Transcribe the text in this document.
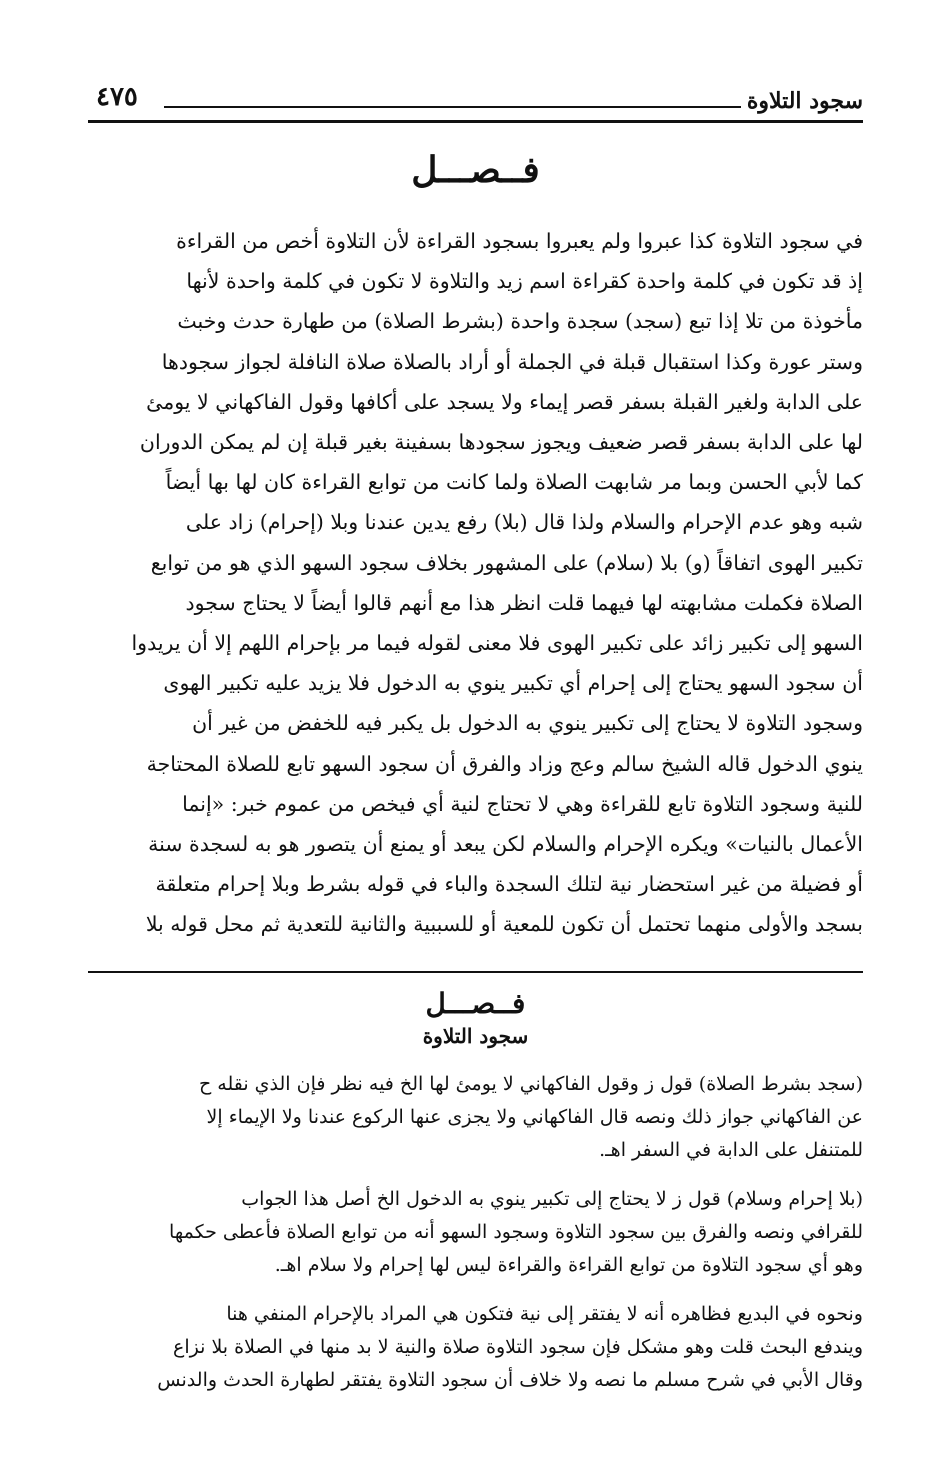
سجود التلاوة
٤٧٥
فــصـــل
في سجود التلاوة كذا عبروا ولم يعبروا بسجود القراءة لأن التلاوة أخص من القراءة
إذ قد تكون في كلمة واحدة كقراءة اسم زيد والتلاوة لا تكون في كلمة واحدة لأنها
مأخوذة من تلا إذا تبع (سجد) سجدة واحدة (بشرط الصلاة) من طهارة حدث وخبث
وستر عورة وكذا استقبال قبلة في الجملة أو أراد بالصلاة صلاة النافلة لجواز سجودها
على الدابة ولغير القبلة بسفر قصر إيماء ولا يسجد على أكافها وقول الفاكهاني لا يومئ
لها على الدابة بسفر قصر ضعيف ويجوز سجودها بسفينة بغير قبلة إن لم يمكن الدوران
كما لأبي الحسن وبما مر شابهت الصلاة ولما كانت من توابع القراءة كان لها بها أيضاً
شبه وهو عدم الإحرام والسلام ولذا قال (بلا) رفع يدين عندنا وبلا (إحرام) زاد على
تكبير الهوى اتفاقاً (و) بلا (سلام) على المشهور بخلاف سجود السهو الذي هو من توابع
الصلاة فكملت مشابهته لها فيهما قلت انظر هذا مع أنهم قالوا أيضاً لا يحتاج سجود
السهو إلى تكبير زائد على تكبير الهوى فلا معنى لقوله فيما مر بإحرام اللهم إلا أن يريدوا
أن سجود السهو يحتاج إلى إحرام أي تكبير ينوي به الدخول فلا يزيد عليه تكبير الهوى
وسجود التلاوة لا يحتاج إلى تكبير ينوي به الدخول بل يكبر فيه للخفض من غير أن
ينوي الدخول قاله الشيخ سالم وعج وزاد والفرق أن سجود السهو تابع للصلاة المحتاجة
للنية وسجود التلاوة تابع للقراءة وهي لا تحتاج لنية أي فيخص من عموم خبر: «إنما
الأعمال بالنيات» ويكره الإحرام والسلام لكن يبعد أو يمنع أن يتصور هو به لسجدة سنة
أو فضيلة من غير استحضار نية لتلك السجدة والباء في قوله بشرط وبلا إحرام متعلقة
بسجد والأولى منهما تحتمل أن تكون للمعية أو للسببية والثانية للتعدية ثم محل قوله بلا
فــصـــل
سجود التلاوة
(سجد بشرط الصلاة) قول ز وقول الفاكهاني لا يومئ لها الخ فيه نظر فإن الذي نقله ح
عن الفاكهاني جواز ذلك ونصه قال الفاكهاني ولا يجزى عنها الركوع عندنا ولا الإيماء إلا
للمتنفل على الدابة في السفر اهـ.
(بلا إحرام وسلام) قول ز لا يحتاج إلى تكبير ينوي به الدخول الخ أصل هذا الجواب
للقرافي ونصه والفرق بين سجود التلاوة وسجود السهو أنه من توابع الصلاة فأعطى حكمها
وهو أي سجود التلاوة من توابع القراءة والقراءة ليس لها إحرام ولا سلام اهـ.
ونحوه في البديع فظاهره أنه لا يفتقر إلى نية فتكون هي المراد بالإحرام المنفي هنا
ويندفع البحث قلت وهو مشكل فإن سجود التلاوة صلاة والنية لا بد منها في الصلاة بلا نزاع
وقال الأبي في شرح مسلم ما نصه ولا خلاف أن سجود التلاوة يفتقر لطهارة الحدث والدنس
